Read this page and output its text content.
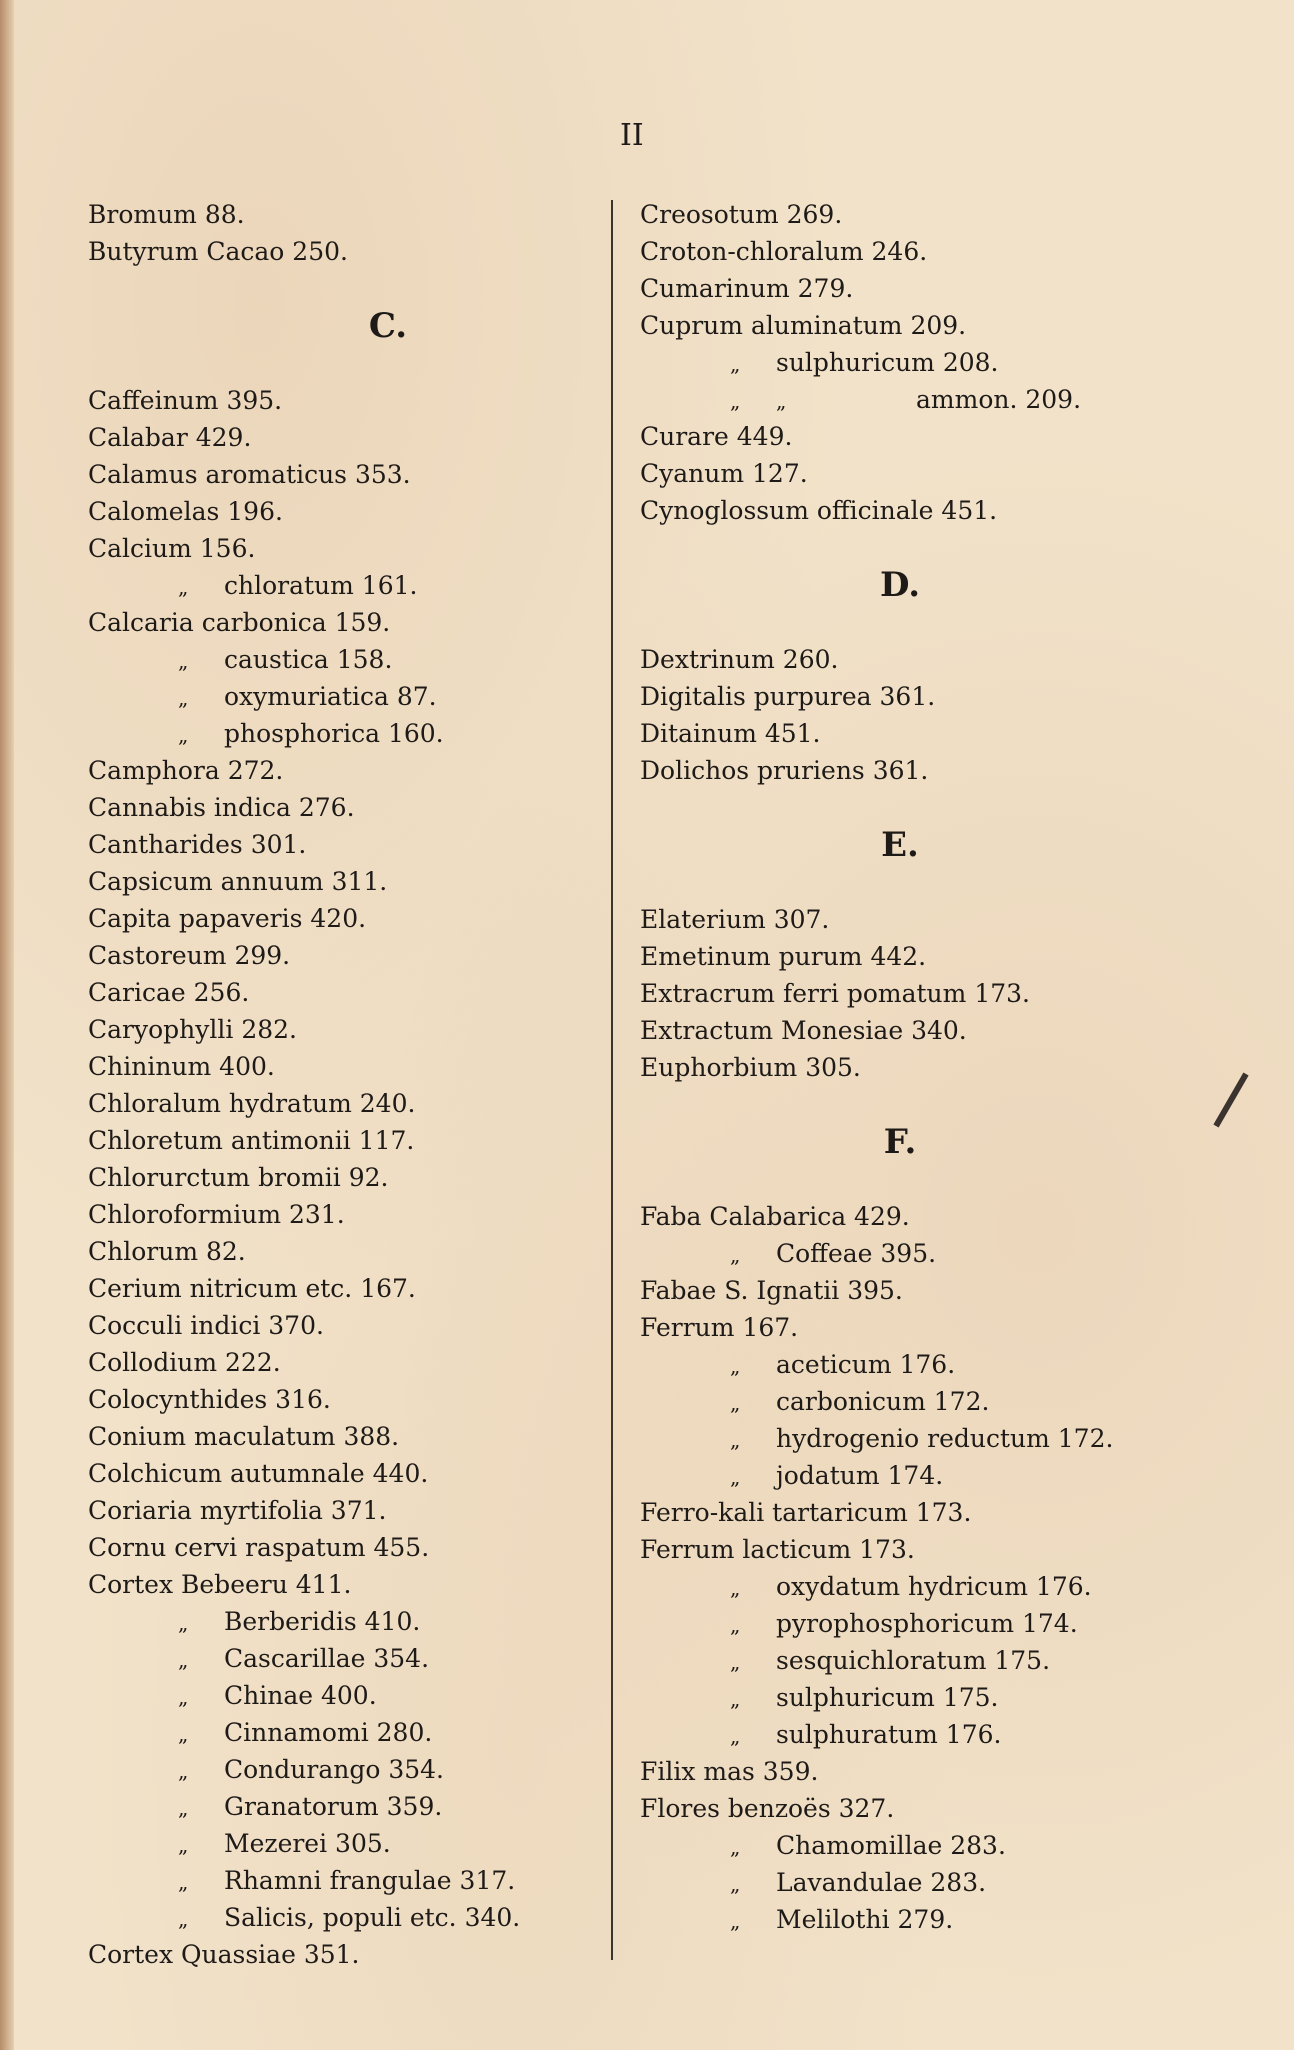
II
Bromum 88.
Butyrum Cacao 250.
C.
Caffeinum 395.
Calabar 429.
Calamus aromaticus 353.
Calomelas 196.
Calcium 156.
„ chloratum 161.
Calcaria carbonica 159.
„ caustica 158.
„ oxymuriatica 87.
„ phosphorica 160.
Camphora 272.
Cannabis indica 276.
Cantharides 301.
Capsicum annuum 311.
Capita papaveris 420.
Castoreum 299.
Caricae 256.
Caryophylli 282.
Chininum 400.
Chloralum hydratum 240.
Chloretum antimonii 117.
Chlorurctum bromii 92.
Chloroformium 231.
Chlorum 82.
Cerium nitricum etc. 167.
Cocculi indici 370.
Collodium 222.
Colocynthides 316.
Conium maculatum 388.
Colchicum autumnale 440.
Coriaria myrtifolia 371.
Cornu cervi raspatum 455.
Cortex Bebeeru 411.
„ Berberidis 410.
„ Cascarillae 354.
„ Chinae 400.
„ Cinnamomi 280.
„ Condurango 354.
„ Granatorum 359.
„ Mezerei 305.
„ Rhamni frangulae 317.
„ Salicis, populi etc. 340.
Cortex Quassiae 351.
Creosotum 269.
Croton-chloralum 246.
Cumarinum 279.
Cuprum aluminatum 209.
„ sulphuricum 208.
„ „	ammon. 209.
Curare 449.
Cyanum 127.
Cynoglossum officinale 451.
D.
Dextrinum 260.
Digitalis purpurea 361.
Ditainum 451.
Dolichos pruriens 361.
E.
Elaterium 307.
Emetinum purum 442.
Extracrum ferri pomatum 173.
Extractum Monesiae 340.
Euphorbium 305.
F.
Faba Calabarica 429.
„ Coffeae 395.
Fabae S. Ignatii 395.
Ferrum 167.
„ aceticum 176.
„ carbonicum 172.
„ hydrogenio reductum 172.
„ jodatum 174.
Ferro-kali tartaricum 173.
Ferrum lacticum 173.
„ oxydatum hydricum 176.
„ pyrophosphoricum 174.
„ sesquichloratum 175.
„ sulphuricum 175.
„ sulphuratum 176.
Filix mas 359.
Flores benzoës 327.
„ Chamomillae 283.
„ Lavandulae 283.
„ Melilothi 279.
